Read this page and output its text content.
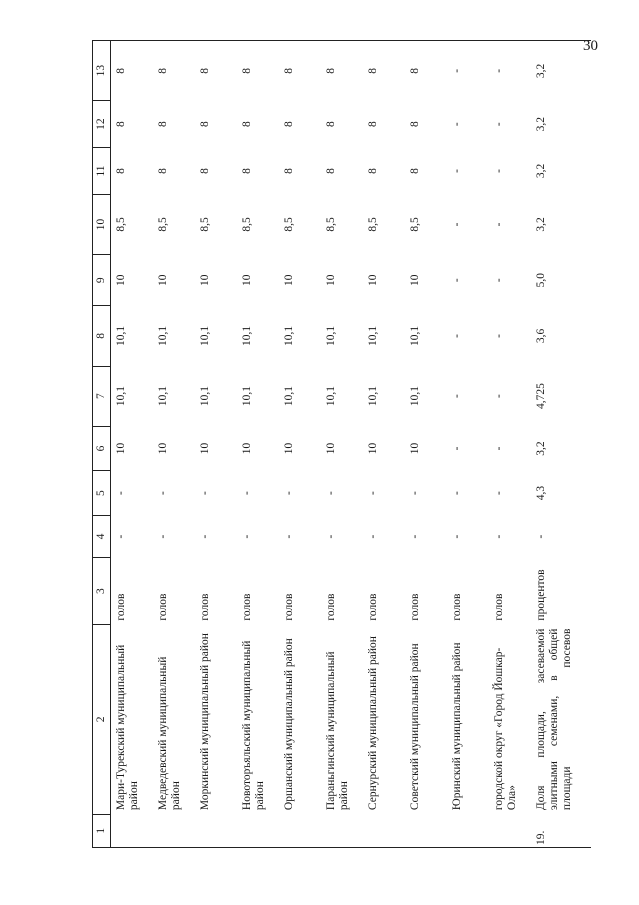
30
1	2	3	4	5	6	7	8	9	10	11	12	13
	Мари-Турекский муниципальный район	голов	-	-	10	10,1	10,1	10	8,5	8	8	8
	Медведевский муниципальный район	голов	-	-	10	10,1	10,1	10	8,5	8	8	8
	Моркинский муниципальный район	голов	-	-	10	10,1	10,1	10	8,5	8	8	8
	Новоторъяльский муниципальный район	голов	-	-	10	10,1	10,1	10	8,5	8	8	8
	Оршанский муниципальный район	голов	-	-	10	10,1	10,1	10	8,5	8	8	8
	Параньгинский муниципальный район	голов	-	-	10	10,1	10,1	10	8,5	8	8	8
	Сернурский муниципальный район	голов	-	-	10	10,1	10,1	10	8,5	8	8	8
	Советский муниципальный район	голов	-	-	10	10,1	10,1	10	8,5	8	8	8
	Юринский муниципальный район	голов	-	-	-	-	-	-	-	-	-	-
	городской округ «Город Йошкар-Ола»	голов	-	-	-	-	-	-	-	-	-	-
19.	Доля площади, засеваемой элитными семенами, в общей площади посевов	процентов	-	4,3	3,2	4,725	3,6	5,0	3,2	3,2	3,2	3,2
